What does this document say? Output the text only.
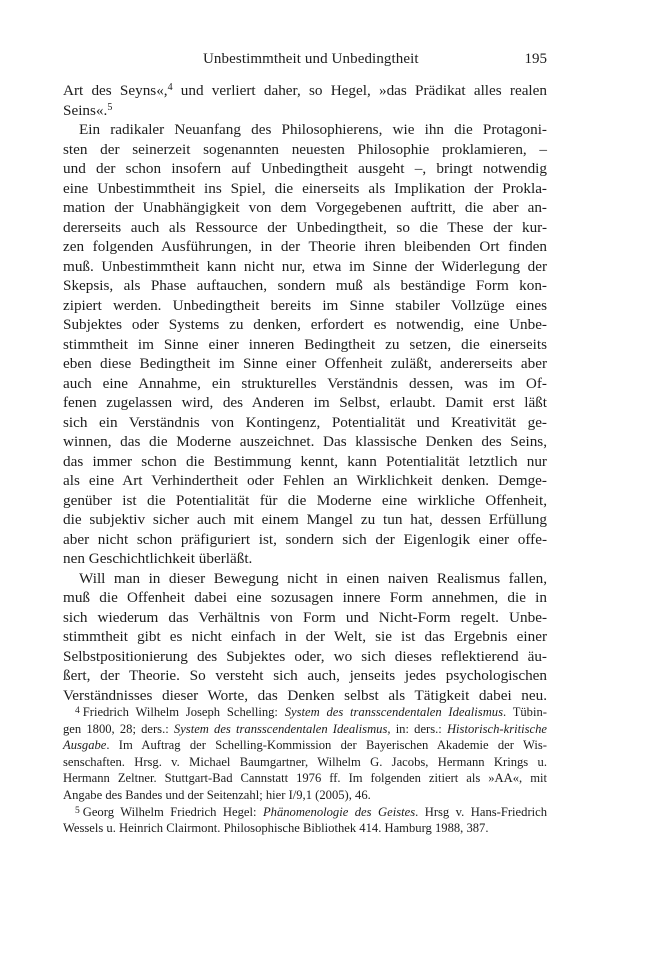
Unbestimmtheit und Unbedingtheit	195
Art des Seyns«,$^4$ und verliert daher, so Hegel, »das Prädikat alles realen
Seins«.$^5$
Ein radikaler Neuanfang des Philosophierens, wie ihn die Protagoni-
sten der seinerzeit sogenannten neuesten Philosophie proklamieren, –
und der schon insofern auf Unbedingtheit ausgeht –, bringt notwendig
eine Unbestimmtheit ins Spiel, die einerseits als Implikation der Prokla-
mation der Unabhängigkeit von dem Vorgegebenen auftritt, die aber an-
dererseits auch als Ressource der Unbedingtheit, so die These der kur-
zen folgenden Ausführungen, in der Theorie ihren bleibenden Ort finden
muß. Unbestimmtheit kann nicht nur, etwa im Sinne der Widerlegung der
Skepsis, als Phase auftauchen, sondern muß als beständige Form kon-
zipiert werden. Unbedingtheit bereits im Sinne stabiler Vollzüge eines
Subjektes oder Systems zu denken, erfordert es notwendig, eine Unbe-
stimmtheit im Sinne einer inneren Bedingtheit zu setzen, die einerseits
eben diese Bedingtheit im Sinne einer Offenheit zuläßt, andererseits aber
auch eine Annahme, ein strukturelles Verständnis dessen, was im Of-
fenen zugelassen wird, des Anderen im Selbst, erlaubt. Damit erst läßt
sich ein Verständnis von Kontingenz, Potentialität und Kreativität ge-
winnen, das die Moderne auszeichnet. Das klassische Denken des Seins,
das immer schon die Bestimmung kennt, kann Potentialität letztlich nur
als eine Art Verhindertheit oder Fehlen an Wirklichkeit denken. Demge-
genüber ist die Potentialität für die Moderne eine wirkliche Offenheit,
die subjektiv sicher auch mit einem Mangel zu tun hat, dessen Erfüllung
aber nicht schon präfiguriert ist, sondern sich der Eigenlogik einer offe-
nen Geschichtlichkeit überläßt.
Will man in dieser Bewegung nicht in einen naiven Realismus fallen,
muß die Offenheit dabei eine sozusagen innere Form annehmen, die in
sich wiederum das Verhältnis von Form und Nicht-Form regelt. Unbe-
stimmtheit gibt es nicht einfach in der Welt, sie ist das Ergebnis einer
Selbstpositionierung des Subjektes oder, wo sich dieses reflektierend äu-
ßert, der Theorie. So versteht sich auch, jenseits jedes psychologischen
Verständnisses dieser Worte, das Denken selbst als Tätigkeit dabei neu.
$^4$ Friedrich Wilhelm Joseph Schelling: System des transscendentalen Idealismus. Tübin-
gen 1800, 28; ders.: System des transscendentalen Idealismus, in: ders.: Historisch-kritische
Ausgabe. Im Auftrag der Schelling-Kommission der Bayerischen Akademie der Wis-
senschaften. Hrsg. v. Michael Baumgartner, Wilhelm G. Jacobs, Hermann Krings u.
Hermann Zeltner. Stuttgart-Bad Cannstatt 1976 ff. Im folgenden zitiert als »AA«, mit
Angabe des Bandes und der Seitenzahl; hier I/9,1 (2005), 46.
$^5$ Georg Wilhelm Friedrich Hegel: Phänomenologie des Geistes. Hrsg v. Hans-Friedrich
Wessels u. Heinrich Clairmont. Philosophische Bibliothek 414. Hamburg 1988, 387.
